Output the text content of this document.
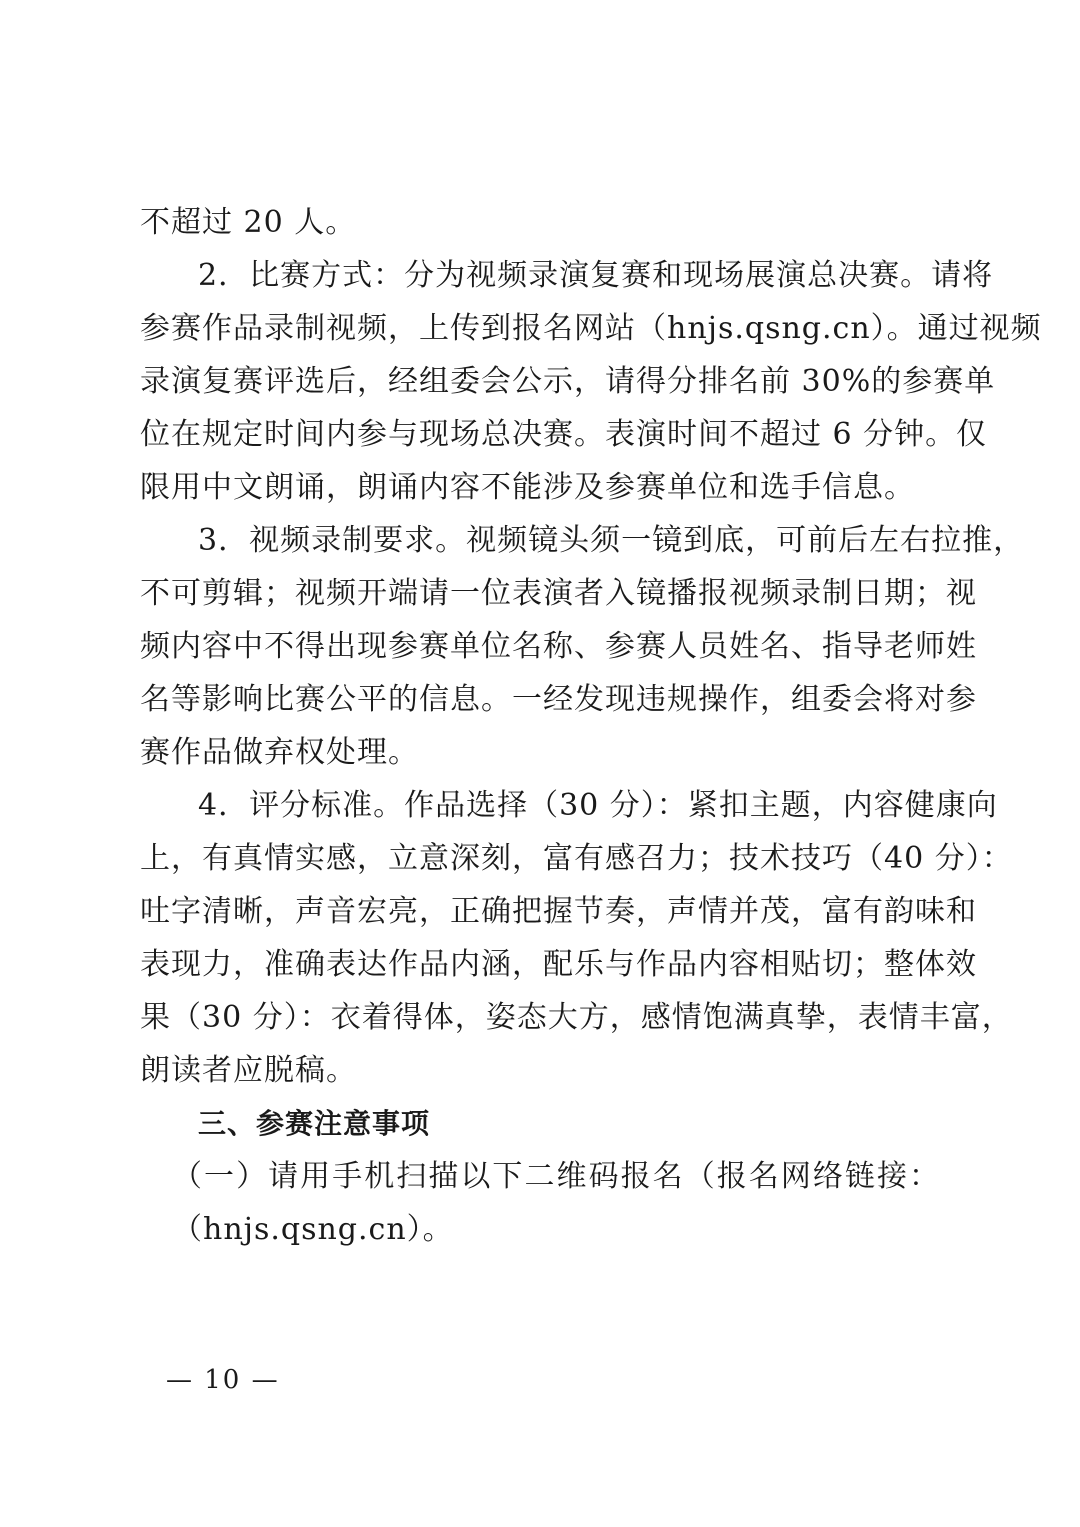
不超过 20 人。
2．比赛方式：分为视频录演复赛和现场展演总决赛。请将
参赛作品录制视频，上传到报名网站（hnjs.qsng.cn）。通过视频
录演复赛评选后，经组委会公示，请得分排名前 30%的参赛单
位在规定时间内参与现场总决赛。表演时间不超过 6 分钟。仅
限用中文朗诵，朗诵内容不能涉及参赛单位和选手信息。
3．视频录制要求。视频镜头须一镜到底，可前后左右拉推，
不可剪辑；视频开端请一位表演者入镜播报视频录制日期；视
频内容中不得出现参赛单位名称、参赛人员姓名、指导老师姓
名等影响比赛公平的信息。一经发现违规操作，组委会将对参
赛作品做弃权处理。
4．评分标准。作品选择（30 分）：紧扣主题，内容健康向
上，有真情实感，立意深刻，富有感召力；技术技巧（40 分）：
吐字清晰，声音宏亮，正确把握节奏，声情并茂，富有韵味和
表现力，准确表达作品内涵，配乐与作品内容相贴切；整体效
果（30 分）：衣着得体，姿态大方，感情饱满真挚，表情丰富，
朗读者应脱稿。
三、参赛注意事项
（一）请用手机扫描以下二维码报名（报名网络链接：
（hnjs.qsng.cn）。
— 10 —
